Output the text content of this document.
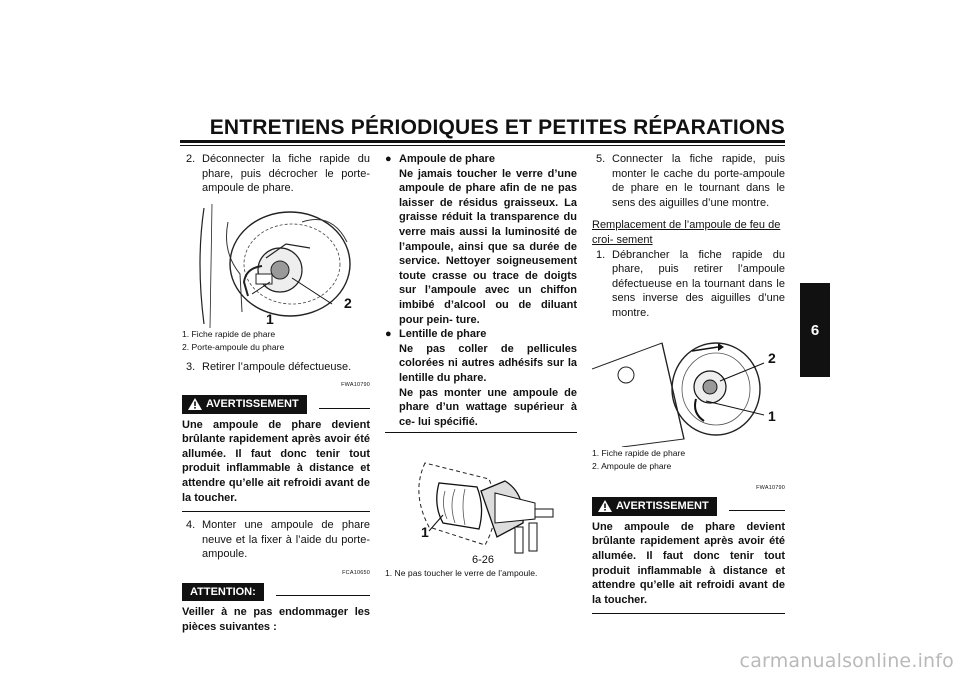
ENTRETIENS PÉRIODIQUES ET PETITES RÉPARATIONS
6
2. Déconnecter la fiche rapide du phare, puis décrocher le porte-ampoule de phare.
1
2
1. Fiche rapide de phare
2. Porte-ampoule du phare
3. Retirer l’ampoule défectueuse.
FWA10790
AVERTISSEMENT
Une ampoule de phare devient brûlante rapidement après avoir été allumée. Il faut donc tenir tout produit inflammable à distance et attendre qu’elle ait refroidi avant de la toucher.
4. Monter une ampoule de phare neuve et la fixer à l’aide du porte-ampoule.
FCA10650
ATTENTION:
Veiller à ne pas endommager les pièces suivantes :
● Ampoule de phare
Ne jamais toucher le verre d’une ampoule de phare afin de ne pas laisser de résidus graisseux. La graisse réduit la transparence du verre mais aussi la luminosité de l’ampoule, ainsi que sa durée de service. Nettoyer soigneusement toute crasse ou trace de doigts sur l’ampoule avec un chiffon imbibé d’alcool ou de diluant pour pein- ture.
● Lentille de phare
Ne pas coller de pellicules colorées ni autres adhésifs sur la lentille du phare.
Ne pas monter une ampoule de phare d’un wattage supérieur à ce- lui spécifié.
1
1. Ne pas toucher le verre de l’ampoule.
5. Connecter la fiche rapide, puis monter le cache du porte-ampoule de phare en le tournant dans le sens des aiguilles d’une montre.
Remplacement de l’ampoule de feu de croi- sement
1. Débrancher la fiche rapide du phare, puis retirer l’ampoule défectueuse en la tournant dans le sens inverse des aiguilles d’une montre.
2
1
1. Fiche rapide de phare
2. Ampoule de phare
FWA10790
AVERTISSEMENT
Une ampoule de phare devient brûlante rapidement après avoir été allumée. Il faut donc tenir tout produit inflammable à distance et attendre qu’elle ait refroidi avant de la toucher.
6-26
carmanualsonline.info
